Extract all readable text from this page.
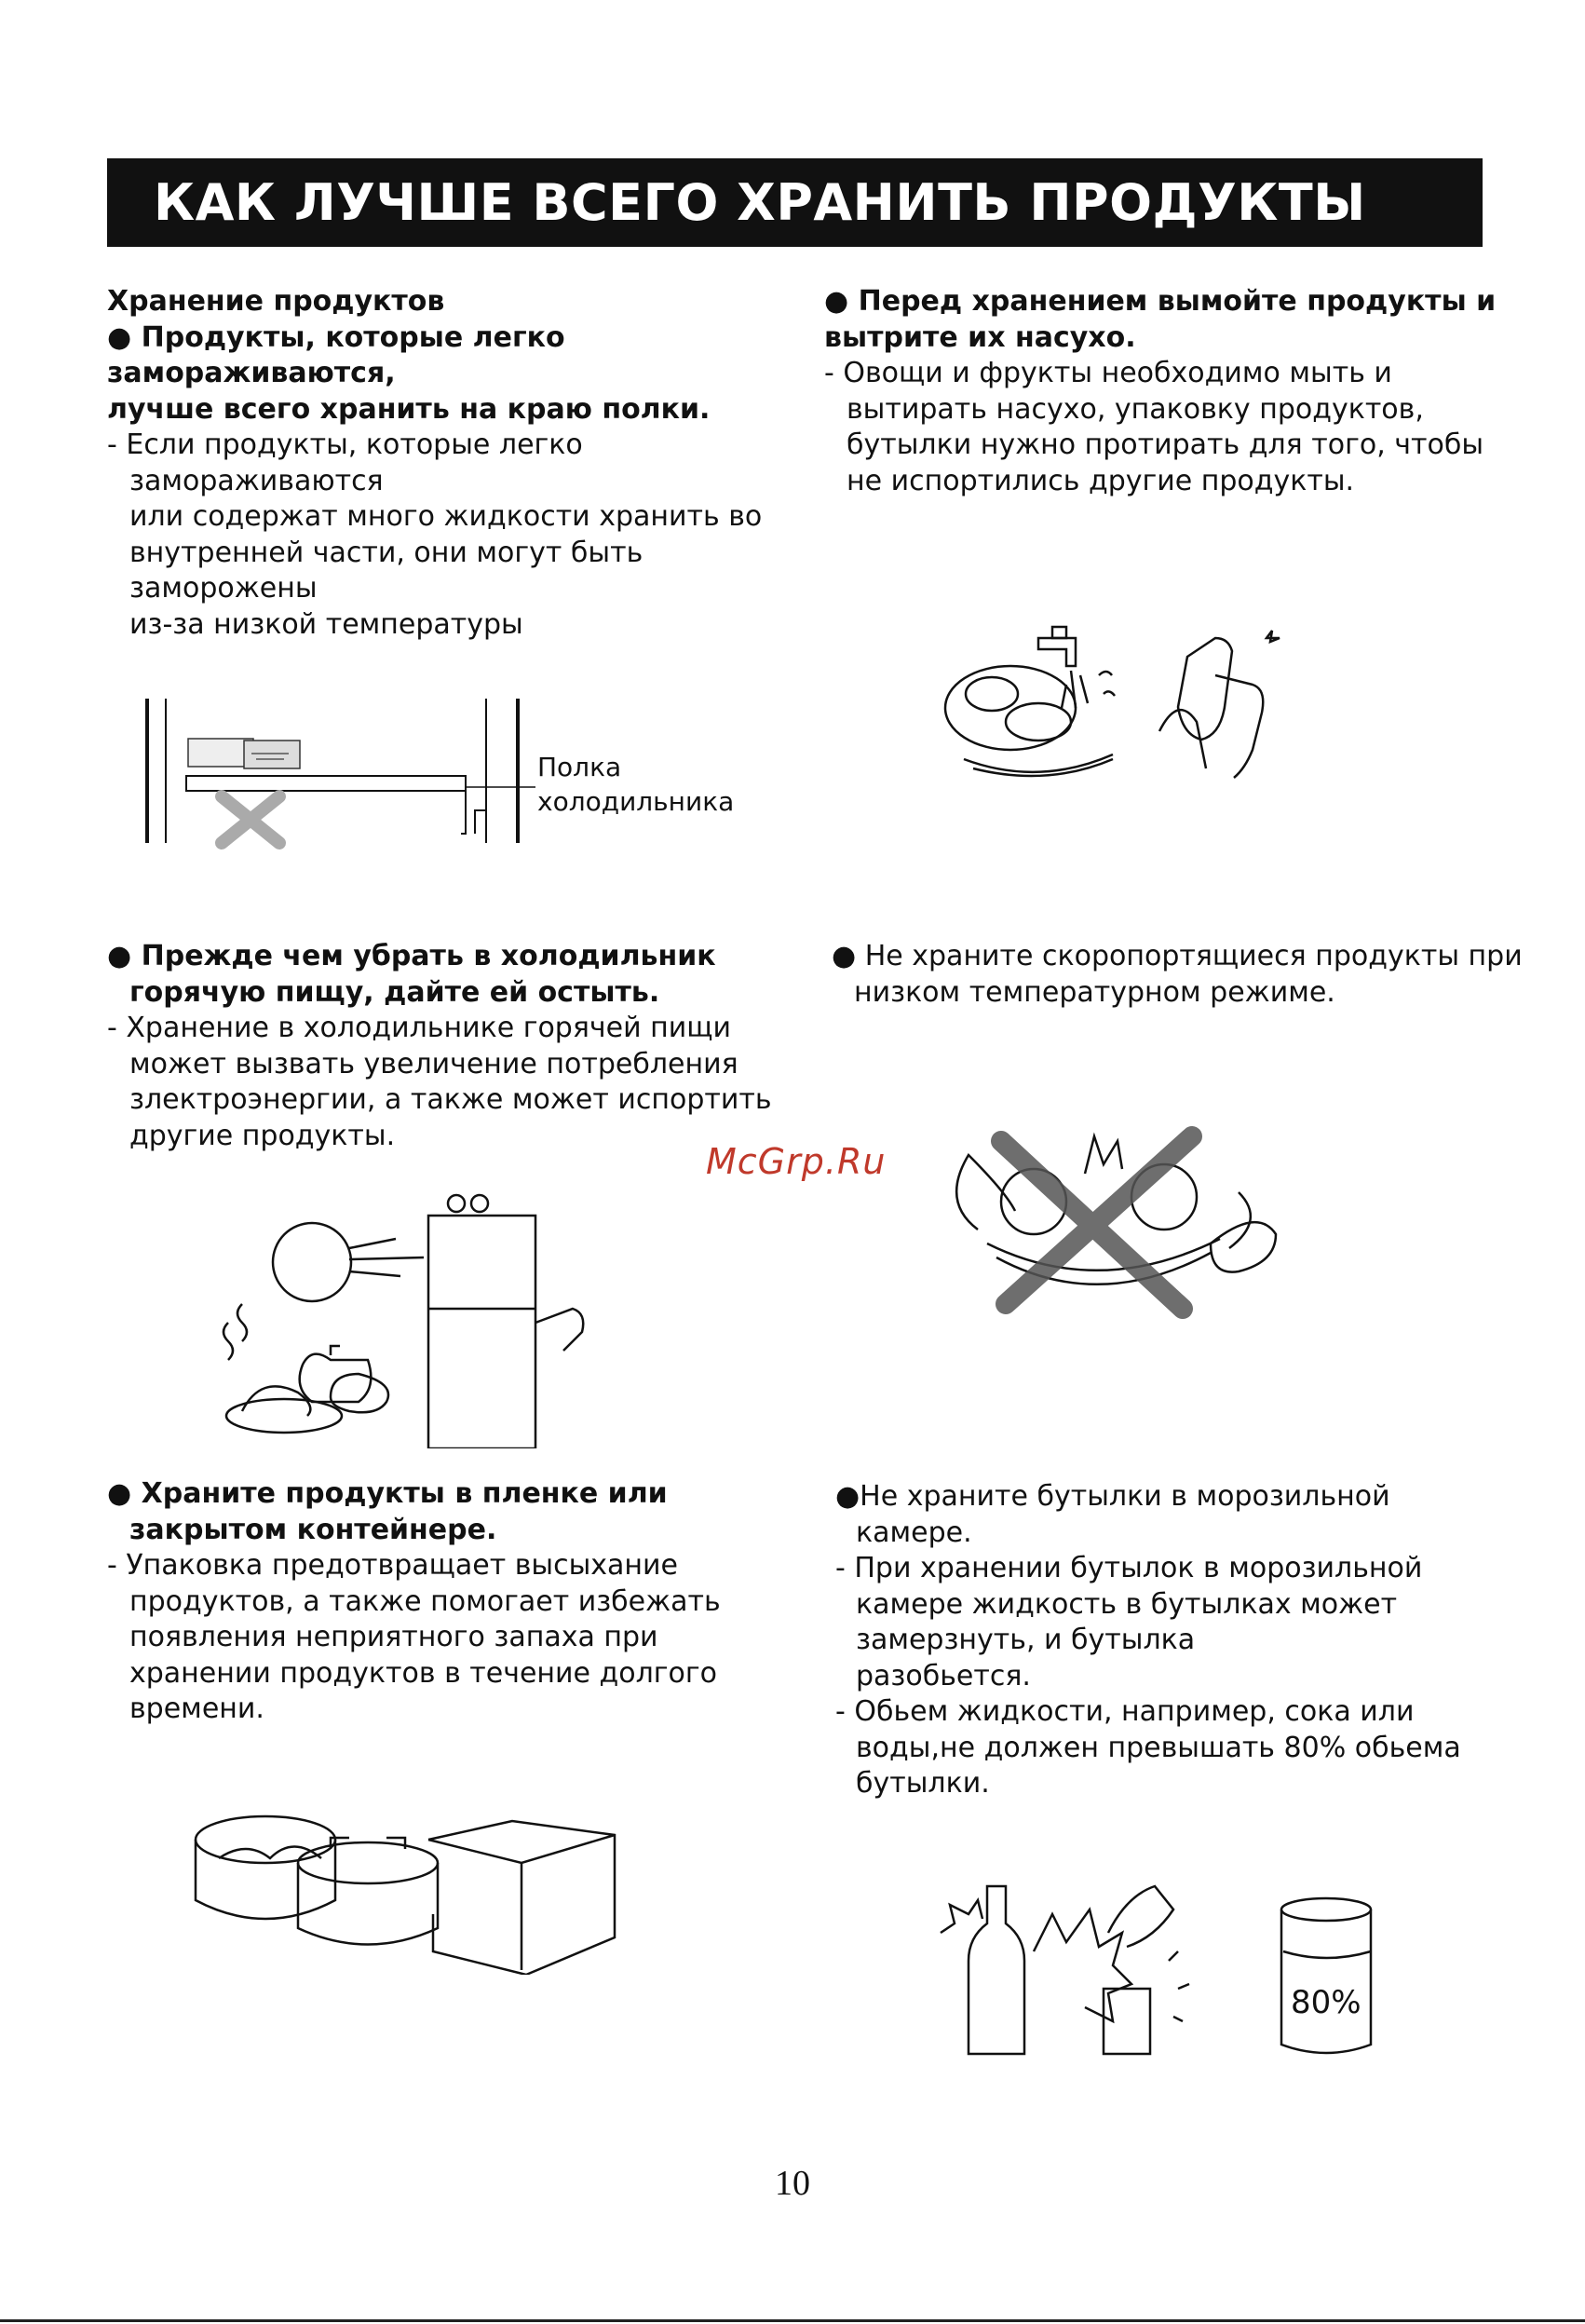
КАК ЛУЧШЕ ВСЕГО ХРАНИТЬ ПРОДУКТЫ
Хранение продуктов
● Продукты, которые легко
замораживаются,
лучше всего хранить на краю полки.
- Если продукты, которые легко
замораживаются
или содержат много жидкости хранить во
внутренней части, они могут быть
заморожены
из-за низкой температуры
Полка
холодильника
● Перед хранением вымойте продукты и
вытрите их насухо.
- Овощи и фрукты необходимо мыть и
вытирать насухо, упаковку продуктов,
бутылки нужно протирать для того, чтобы
не испортились другие продукты.
● Прежде чем убрать в холодильник
горячую пищу, дайте ей остыть.
- Хранение в холодильнике горячей пищи
может вызвать увеличение потребления
злектроэнергии, а также может испортить
другие продукты.
● Не храните скоропортящиеся продукты при
низком температурном режиме.
McGrp.Ru
● Храните продукты в пленке или
закрытом контейнере.
- Упаковка предотвращает высыхание
продуктов, а также помогает избежать
появления неприятного запаха при
хранении продуктов в течение долгого
времени.
●Не храните бутылки в морозильной
камере.
- При хранении бутылок в морозильной
камере жидкость в бутылках может
замерзнуть, и бутылка
разобьется.
- Обьем жидкости, например, сока или
воды,не должен превышать 80% обьема
бутылки.
80%
10
